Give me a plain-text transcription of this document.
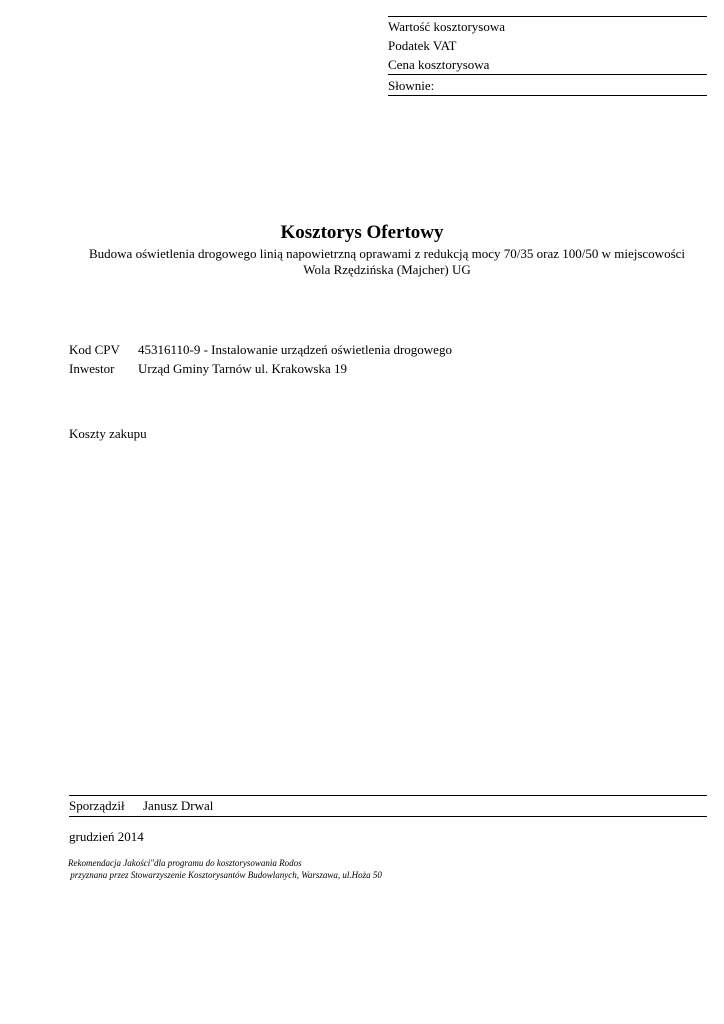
Wartość kosztorysowa
Podatek VAT
Cena kosztorysowa
Słownie:
Kosztorys Ofertowy
Budowa oświetlenia drogowego linią napowietrzną oprawami z redukcją mocy 70/35 oraz 100/50 w miejscowości
Wola Rzędzińska (Majcher) UG
Kod CPV 45316110-9 - Instalowanie urządzeń oświetlenia drogowego
Inwestor Urząd Gminy Tarnów ul. Krakowska 19
Koszty zakupu
Sporządził Janusz Drwal
grudzień 2014
Rekomendacja Jakości"dla programu do kosztorysowania Rodos
przyznana przez Stowarzyszenie Kosztorysantów Budowlanych, Warszawa, ul.Hoża 50
